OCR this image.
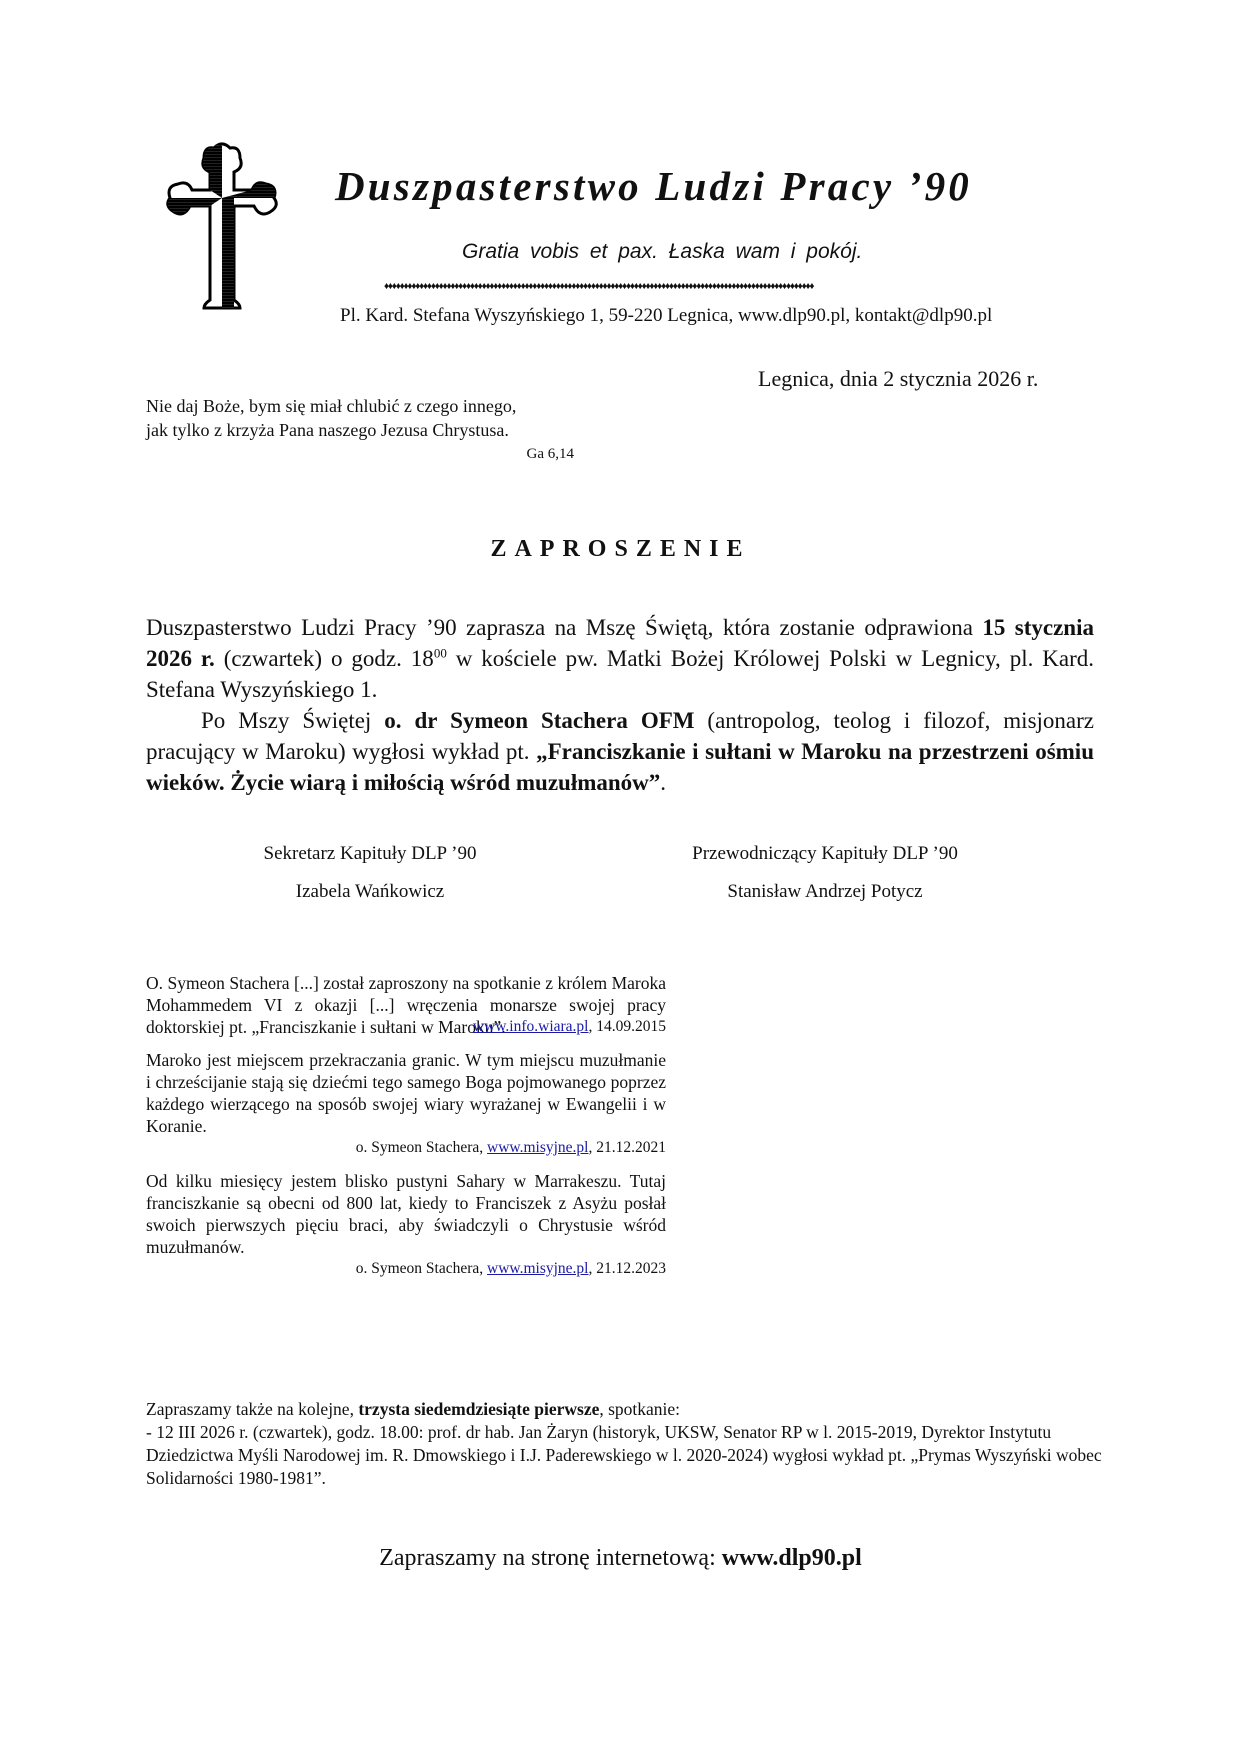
Duszpasterstwo Ludzi Pracy ’90
Gratia vobis et pax. Łaska wam i pokój.
♦♦♦♦♦♦♦♦♦♦♦♦♦♦♦♦♦♦♦♦♦♦♦♦♦♦♦♦♦♦♦♦♦♦♦♦♦♦♦♦♦♦♦♦♦♦♦♦♦♦♦♦♦♦♦♦♦♦♦♦♦♦♦♦♦♦♦♦♦♦♦♦♦♦♦♦♦♦♦♦♦♦♦♦♦♦♦♦♦♦♦♦♦♦♦♦♦♦♦♦♦♦♦♦♦♦♦♦♦♦
Pl. Kard. Stefana Wyszyńskiego 1, 59-220 Legnica, www.dlp90.pl, kontakt@dlp90.pl
Legnica, dnia 2 stycznia 2026 r.
Nie daj Boże, bym się miał chlubić z czego innego,
jak tylko z krzyża Pana naszego Jezusa Chrystusa.
Ga 6,14
ZAPROSZENIE

Duszpasterstwo Ludzi Pracy ’90 zaprasza na Mszę Świętą, która zostanie odprawiona 15 stycznia 2026 r. (czwartek) o godz. $18^{00}$ w kościele pw. Matki Bożej Królowej Polski w Legnicy, pl. Kard. Stefana Wyszyńskiego 1.

Po Mszy Świętej o. dr Symeon Stachera OFM (antropolog, teolog i filozof, misjonarz pracujący w Maroku) wygłosi wykład pt. „Franciszkanie i sułtani w Maroku na przestrzeni ośmiu wieków. Życie wiarą i miłością wśród muzułmanów”.

Sekretarz Kapituły DLP ’90
Izabela Wańkowicz
Przewodniczący Kapituły DLP ’90
Stanisław Andrzej Potycz
O. Symeon Stachera [...] został zaproszony na spotkanie z królem Maroka Mohammedem VI z okazji [...] wręczenia monarsze swojej pracy doktorskiej pt. „Franciszkanie i sułtani w Maroku”.
www.info.wiara.pl, 14.09.2015
Maroko jest miejscem przekraczania granic. W tym miejscu muzułmanie i chrześcijanie stają się dziećmi tego samego Boga pojmowanego poprzez każdego wierzącego na sposób swojej wiary wyrażanej w Ewangelii i w Koranie.
o. Symeon Stachera, www.misyjne.pl, 21.12.2021
Od kilku miesięcy jestem blisko pustyni Sahary w Marrakeszu. Tutaj franciszkanie są obecni od 800 lat, kiedy to Franciszek z Asyżu posłał swoich pierwszych pięciu braci, aby świadczyli o Chrystusie wśród muzułmanów.
o. Symeon Stachera, www.misyjne.pl, 21.12.2023

Zapraszamy także na kolejne, trzysta siedemdziesiąte pierwsze, spotkanie:

- 12 III 2026 r. (czwartek), godz. 18.00: prof. dr hab. Jan Żaryn (historyk, UKSW, Senator RP w l. 2015-2019, Dyrektor Instytutu Dziedzictwa Myśli Narodowej im. R. Dmowskiego i I.J. Paderewskiego w l. 2020-2024) wygłosi wykład pt. „Prymas Wyszyński wobec Solidarności 1980-1981”.

Zapraszamy na stronę internetową: www.dlp90.pl
